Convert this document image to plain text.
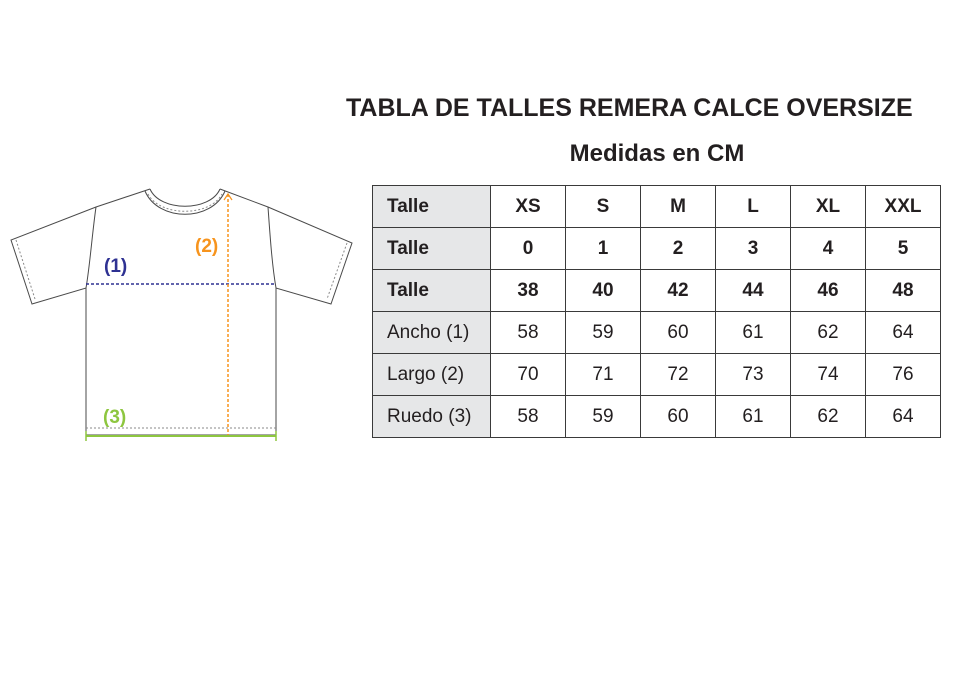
TABLA DE TALLES REMERA CALCE OVERSIZE
Medidas en CM
(1)
(2)
(3)
Talle	XS	S	M	L	XL	XXL
Talle	0	1	2	3	4	5
Talle	38	40	42	44	46	48
Ancho (1)	58	59	60	61	62	64
Largo (2)	70	71	72	73	74	76
Ruedo (3)	58	59	60	61	62	64
